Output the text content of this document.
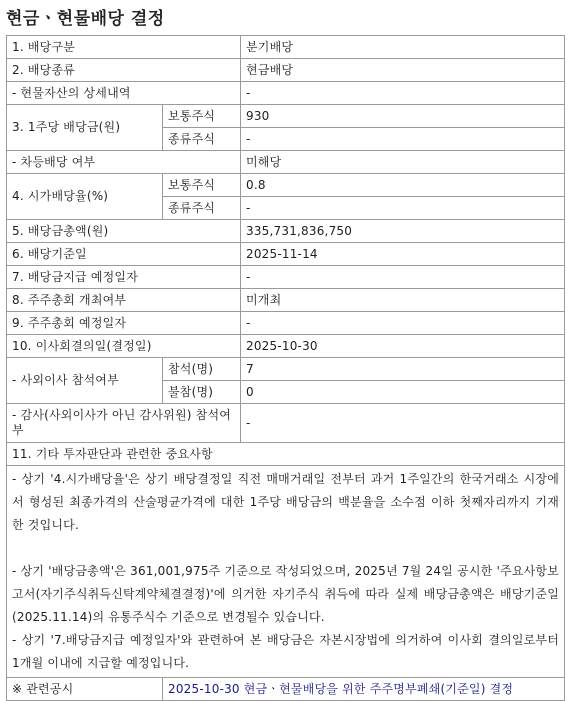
현금ㆍ현물배당 결정
1. 배당구분		분기배당
2. 배당종류		현금배당
- 현물자산의 상세내역		-
3. 1주당 배당금(원)	보통주식	930
	종류주식	-
- 차등배당 여부		미해당
4. 시가배당율(%)	보통주식	0.8
	종류주식	-
5. 배당금총액(원)		335,731,836,750
6. 배당기준일		2025-11-14
7. 배당금지급 예정일자		-
8. 주주총회 개최여부		미개최
9. 주주총회 예정일자		-
10. 이사회결의일(결정일)		2025-10-30
- 사외이사 참석여부	참석(명)	7
	불참(명)	0
- 감사(사외이사가 아닌 감사위원) 참석여부		-
11. 기타 투자판단과 관련한 중요사항		

- 상기 '4.시가배당율'은 상기 배당결정일 직전 매매거래일 전부터 과거 1주일간의 한국거래소 시장에서 형성된 최종가격의 산술평균가격에 대한 1주당 배당금의 백분율을 소수점 이하 첫째자리까지 기재한 것입니다.

- 상기 '배당금총액'은 361,001,975주 기준으로 작성되었으며, 2025년 7월 24일 공시한 '주요사항보고서(자기주식취득신탁계약체결결정)'에 의거한 자기주식 취득에 따라 실제 배당금총액은 배당기준일(2025.11.14)의 유통주식수 기준으로 변경될수 있습니다.

- 상기 '7.배당금지급 예정일자'와 관련하여 본 배당금은 자본시장법에 의거하여 이사회 결의일로부터 1개월 이내에 지급할 예정입니다.		

※ 관련공시	2025-10-30 현금ㆍ현물배당을 위한 주주명부폐쇄(기준일) 결정	
